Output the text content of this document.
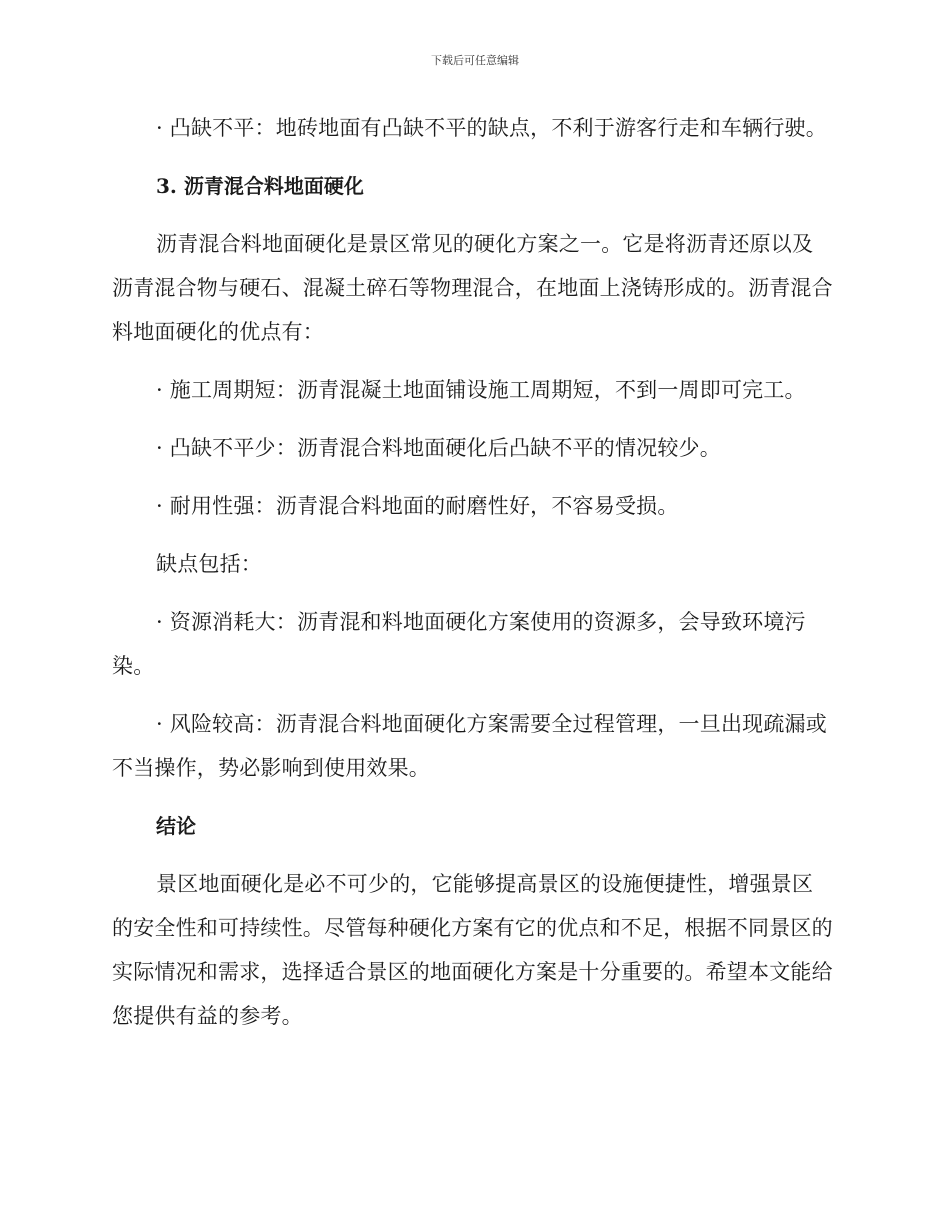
下载后可任意编辑

· 凸缺不平：地砖地面有凸缺不平的缺点，不利于游客行走和车辆行驶。

3. 沥青混合料地面硬化

沥青混合料地面硬化是景区常见的硬化方案之一。它是将沥青还原以及沥青混合物与硬石、混凝土碎石等物理混合，在地面上浇铸形成的。沥青混合料地面硬化的优点有：

· 施工周期短：沥青混凝土地面铺设施工周期短，不到一周即可完工。

· 凸缺不平少：沥青混合料地面硬化后凸缺不平的情况较少。

· 耐用性强：沥青混合料地面的耐磨性好，不容易受损。

缺点包括：

· 资源消耗大：沥青混和料地面硬化方案使用的资源多，会导致环境污染。

· 风险较高：沥青混合料地面硬化方案需要全过程管理，一旦出现疏漏或不当操作，势必影响到使用效果。

结论

景区地面硬化是必不可少的，它能够提高景区的设施便捷性，增强景区的安全性和可持续性。尽管每种硬化方案有它的优点和不足，根据不同景区的实际情况和需求，选择适合景区的地面硬化方案是十分重要的。希望本文能给您提供有益的参考。
